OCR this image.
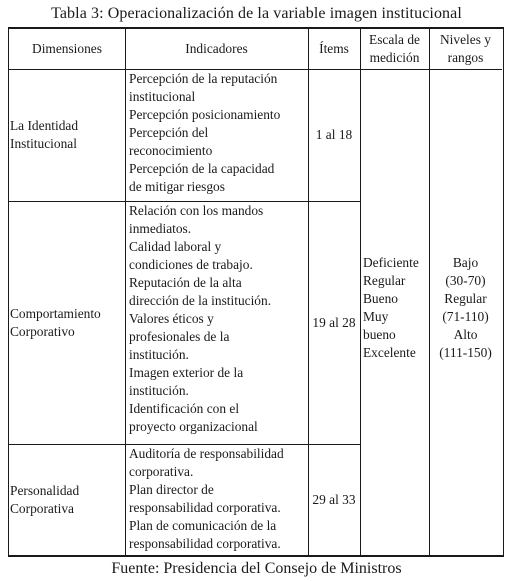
Tabla 3: Operacionalización de la variable imagen institucional
Dimensiones	Indicadores	Ítems
Escala de
medición
Niveles y
rangos
La Identidad
Institucional
Percepción de la reputación
institucional
Percepción posicionamiento
Percepción del
reconocimiento
Percepción de la capacidad
de mitigar riesgos
1 al 18
Comportamiento
Corporativo
Relación con los mandos
inmediatos.
Calidad laboral y
condiciones de trabajo.
Reputación de la alta
dirección de la institución.
Valores éticos y
profesionales de la
institución.
Imagen exterior de la
institución.
Identificación con el
proyecto organizacional
19 al 28
Personalidad
Corporativa
Auditoría de responsabilidad
corporativa.
Plan director de
responsabilidad corporativa.
Plan de comunicación de la
responsabilidad corporativa.
29 al 33
Deficiente
Regular
Bueno
Muy
bueno
Excelente
Bajo
(30-70)
Regular
(71-110)
Alto
(111-150)
Fuente: Presidencia del Consejo de Ministros
